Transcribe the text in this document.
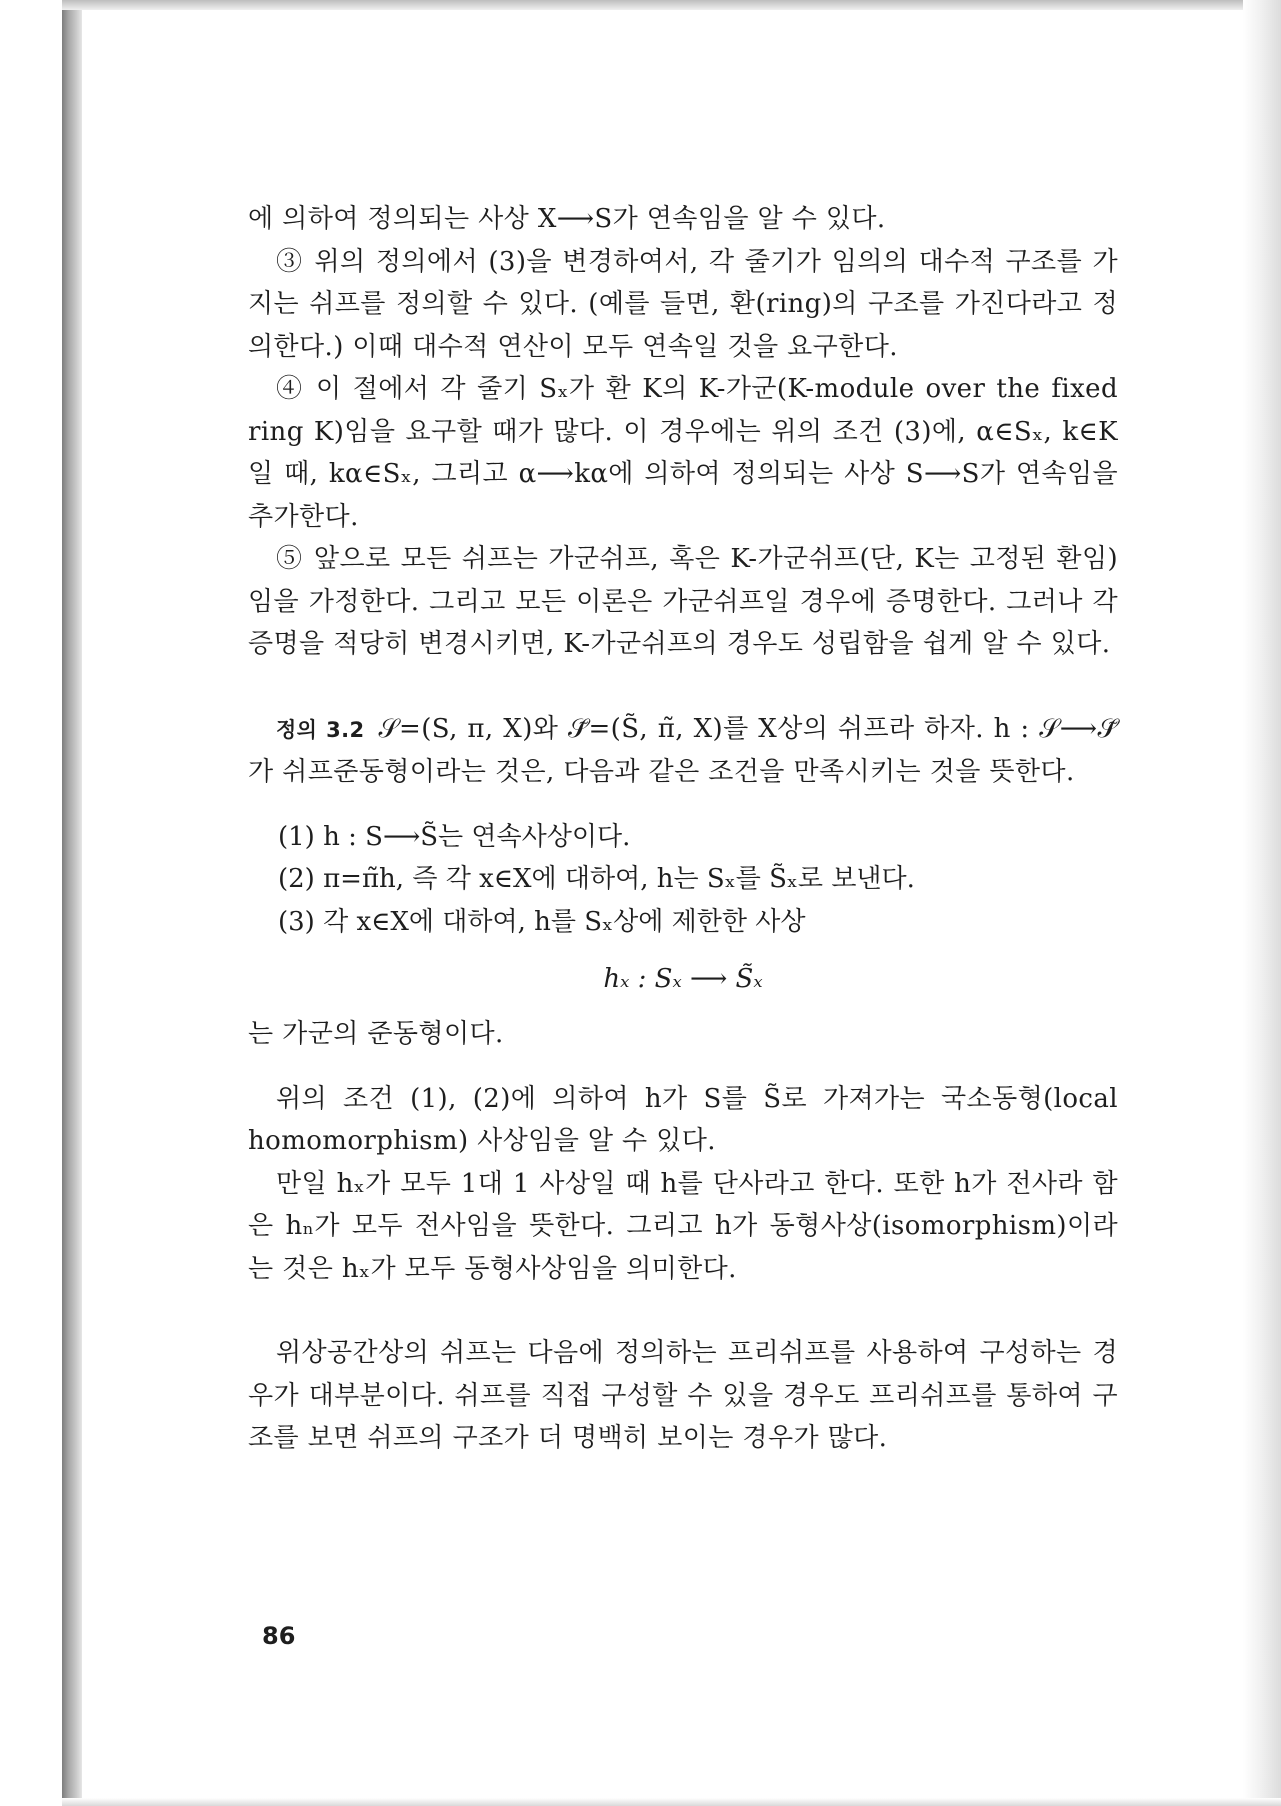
에 의하여 정의되는 사상 X⟶S가 연속임을 알 수 있다.

③ 위의 정의에서 (3)을 변경하여서, 각 줄기가 임의의 대수적 구조를 가지는 쉬프를 정의할 수 있다. (예를 들면, 환(ring)의 구조를 가진다라고 정의한다.) 이때 대수적 연산이 모두 연속일 것을 요구한다.

④ 이 절에서 각 줄기 Sₓ가 환 K의 K-가군(K-module over the fixed ring K)임을 요구할 때가 많다. 이 경우에는 위의 조건 (3)에, α∈Sₓ, k∈K일 때, kα∈Sₓ, 그리고 α⟶kα에 의하여 정의되는 사상 S⟶S가 연속임을 추가한다.

⑤ 앞으로 모든 쉬프는 가군쉬프, 혹은 K-가군쉬프(단, K는 고정된 환임)임을 가정한다. 그리고 모든 이론은 가군쉬프일 경우에 증명한다. 그러나 각 증명을 적당히 변경시키면, K-가군쉬프의 경우도 성립함을 쉽게 알 수 있다.

정의 3.2 𝒮=(S, π, X)와 𝒮̃=(S̃, π̃, X)를 X상의 쉬프라 하자. h : 𝒮⟶𝒮̃가 쉬프준동형이라는 것은, 다음과 같은 조건을 만족시키는 것을 뜻한다.

(1) h : S⟶S̃는 연속사상이다.

(2) π=π̃h, 즉 각 x∈X에 대하여, h는 Sₓ를 S̃ₓ로 보낸다.

(3) 각 x∈X에 대하여, h를 Sₓ상에 제한한 사상

hₓ : Sₓ ⟶ S̃ₓ

는 가군의 준동형이다.

위의 조건 (1), (2)에 의하여 h가 S를 S̃로 가져가는 국소동형(local homomorphism) 사상임을 알 수 있다.

만일 hₓ가 모두 1대 1 사상일 때 h를 단사라고 한다. 또한 h가 전사라 함은 hₙ가 모두 전사임을 뜻한다. 그리고 h가 동형사상(isomorphism)이라는 것은 hₓ가 모두 동형사상임을 의미한다.

위상공간상의 쉬프는 다음에 정의하는 프리쉬프를 사용하여 구성하는 경우가 대부분이다. 쉬프를 직접 구성할 수 있을 경우도 프리쉬프를 통하여 구조를 보면 쉬프의 구조가 더 명백히 보이는 경우가 많다.

86
